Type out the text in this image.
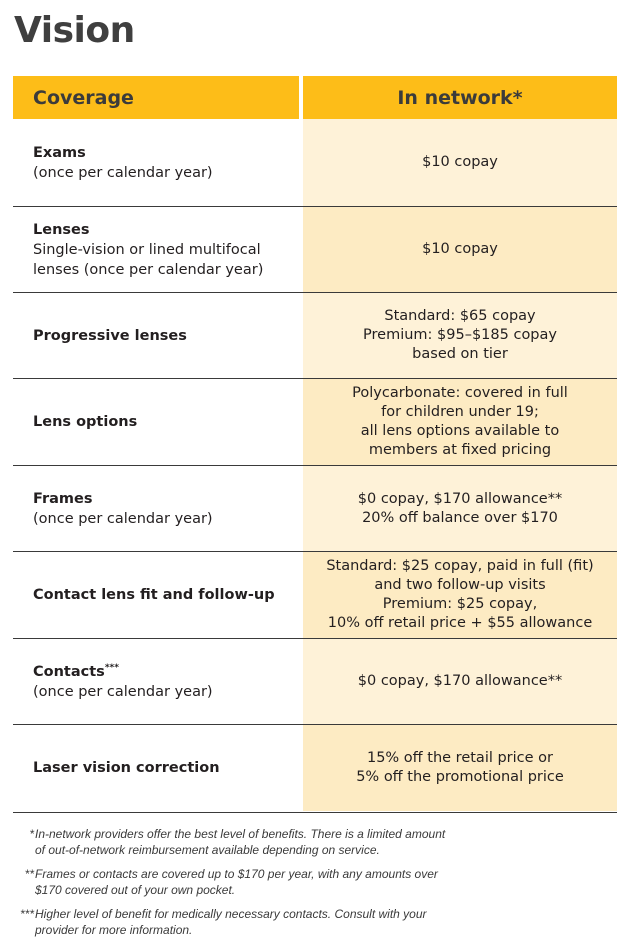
Vision
Coverage	In network*
Exams
(once per calendar year)
$10 copay
Lenses
Single-vision or lined multifocal
lenses (once per calendar year)
$10 copay
Progressive lenses
Standard: $65 copay
Premium: $95–$185 copay
based on tier
Lens options
Polycarbonate: covered in full
for children under 19;
all lens options available to
members at fixed pricing
Frames
(once per calendar year)
$0 copay, $170 allowance**
20% off balance over $170
Contact lens fit and follow-up
Standard: $25 copay, paid in full (fit)
and two follow-up visits
Premium: $25 copay,
10% off retail price + $55 allowance
Contacts***
(once per calendar year)
$0 copay, $170 allowance**
Laser vision correction
15% off the retail price or
5% off the promotional price
* In-network providers offer the best level of benefits. There is a limited amount
of out-of-network reimbursement available depending on service.
** Frames or contacts are covered up to $170 per year, with any amounts over
$170 covered out of your own pocket.
*** Higher level of benefit for medically necessary contacts. Consult with your
provider for more information.
